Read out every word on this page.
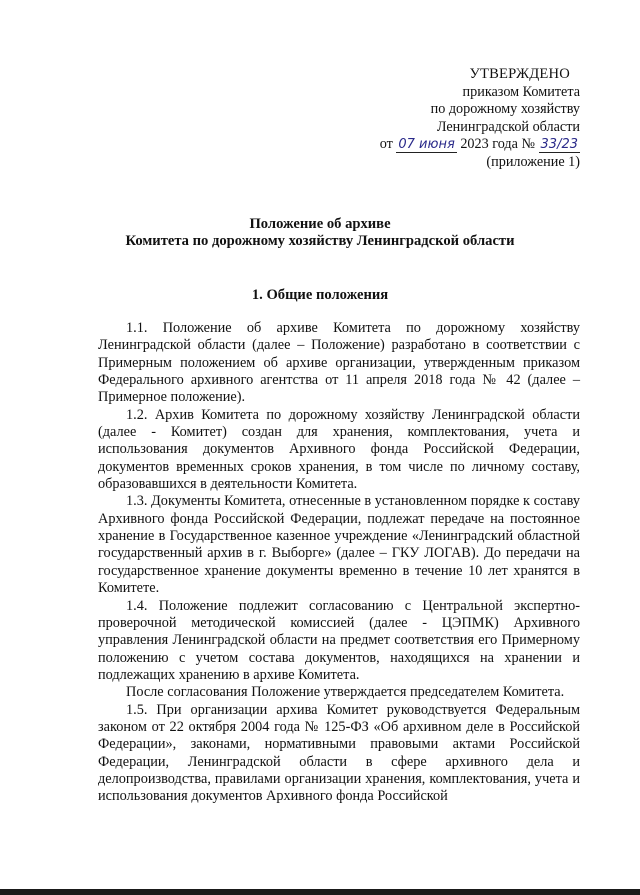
УТВЕРЖДЕНО
приказом Комитета
по дорожному хозяйству
Ленинградской области
от 07 июня 2023 года № 33/23
(приложение 1)
Положение об архиве
Комитета по дорожному хозяйству Ленинградской области
1. Общие положения

1.1. Положение об архиве Комитета по дорожному хозяйству Ленинградской области (далее – Положение) разработано в соответствии с Примерным положением об архиве организации, утвержденным приказом Федерального архивного агентства от 11 апреля 2018 года № 42 (далее – Примерное положение).

1.2. Архив Комитета по дорожному хозяйству Ленинградской области (далее - Комитет) создан для хранения, комплектования, учета и использования документов Архивного фонда Российской Федерации, документов временных сроков хранения, в том числе по личному составу, образовавшихся в деятельности Комитета.

1.3. Документы Комитета, отнесенные в установленном порядке к составу Архивного фонда Российской Федерации, подлежат передаче на постоянное хранение в Государственное казенное учреждение «Ленинградский областной государственный архив в г. Выборге» (далее – ГКУ ЛОГАВ). До передачи на государственное хранение документы временно в течение 10 лет хранятся в Комитете.

1.4. Положение подлежит согласованию с Центральной экспертно-проверочной методической комиссией (далее - ЦЭПМК) Архивного управления Ленинградской области на предмет соответствия его Примерному положению с учетом состава документов, находящихся на хранении и подлежащих хранению в архиве Комитета.

После согласования Положение утверждается председателем Комитета.

1.5. При организации архива Комитет руководствуется Федеральным законом от 22 октября 2004 года № 125-ФЗ «Об архивном деле в Российской Федерации», законами, нормативными правовыми актами Российской Федерации, Ленинградской области в сфере архивного дела и делопроизводства, правилами организации хранения, комплектования, учета и использования документов Архивного фонда Российской
